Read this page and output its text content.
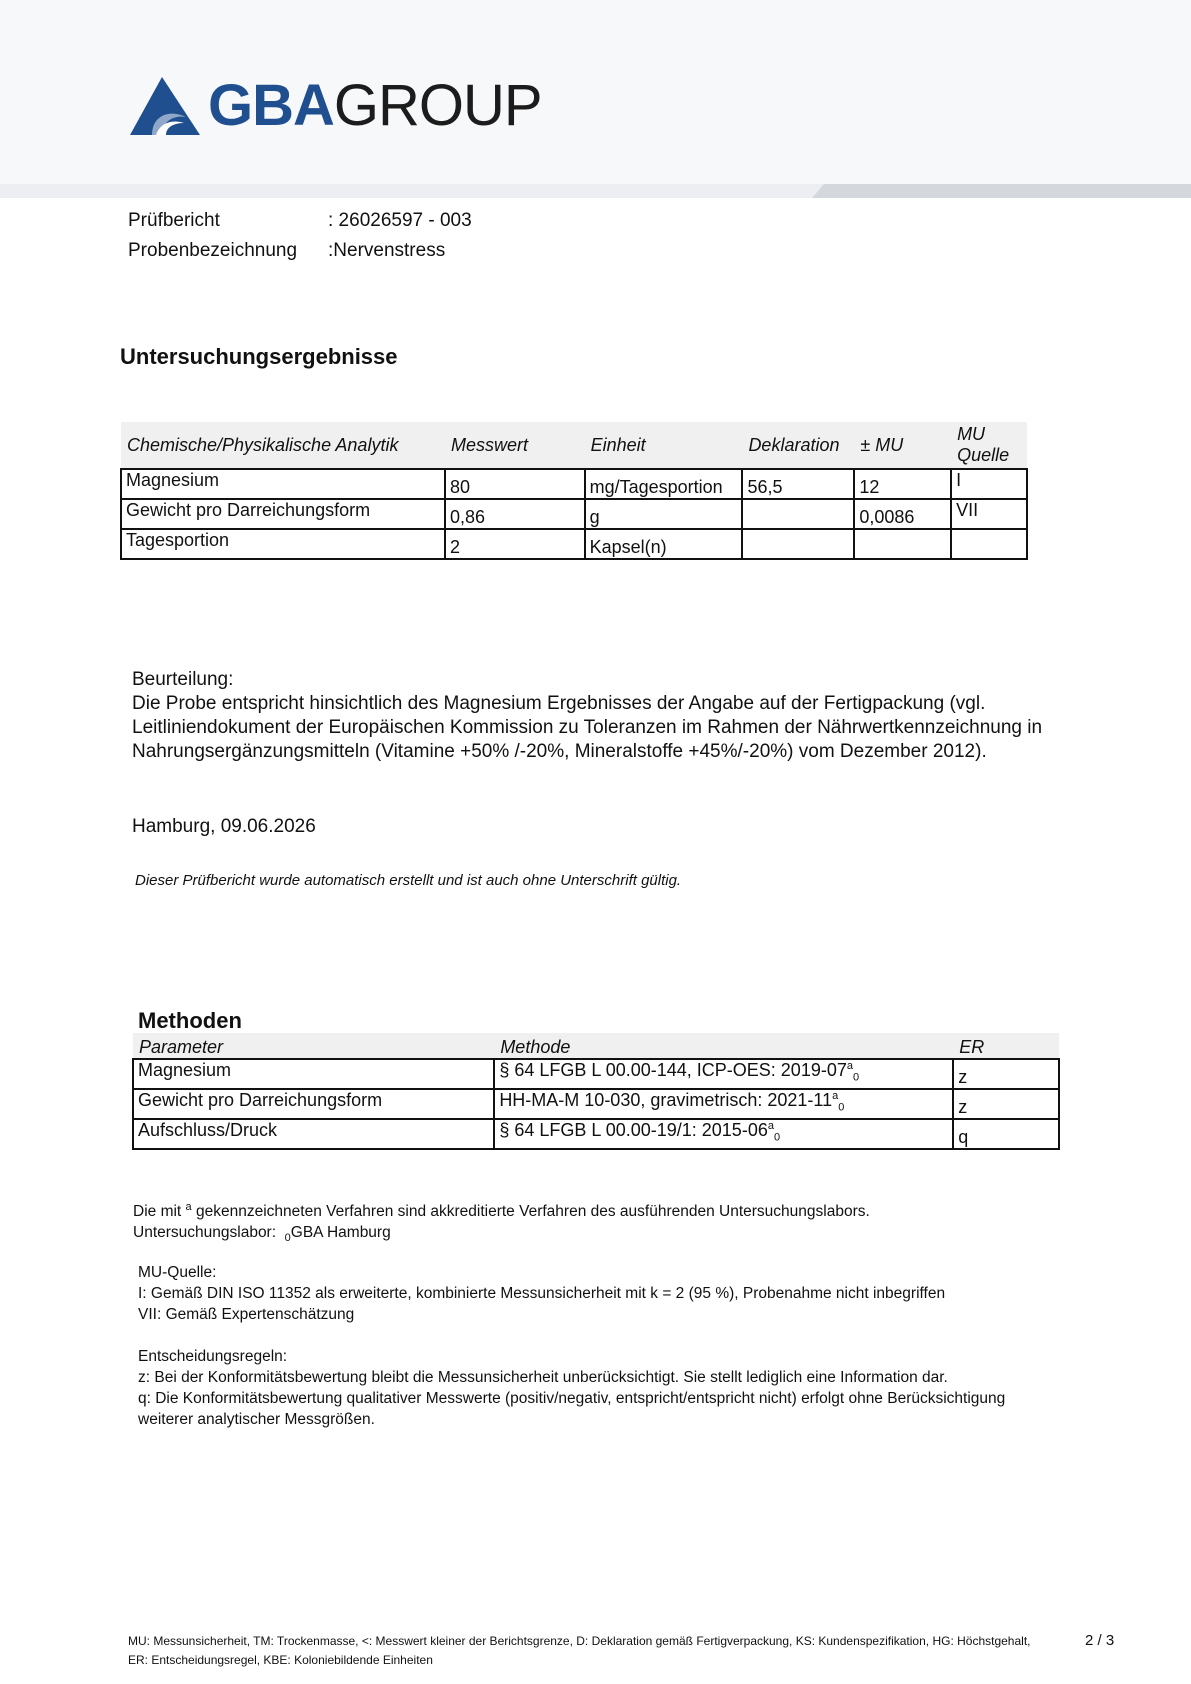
GBAGROUP
Prüfbericht	: 26026597 - 003
Probenbezeichnung :Nervenstress
Untersuchungsergebnisse
Chemische/Physikalische Analytik	Messwert	Einheit	Deklaration	± MU	MU Quelle
Magnesium	80	mg/Tagesportion	56,5	12	I
Gewicht pro Darreichungsform	0,86	g		0,0086	VII
Tagesportion	2	Kapsel(n)			
Beurteilung:
Die Probe entspricht hinsichtlich des Magnesium Ergebnisses der Angabe auf der Fertigpackung (vgl.
Leitliniendokument der Europäischen Kommission zu Toleranzen im Rahmen der Nährwertkennzeichnung in
Nahrungsergänzungsmitteln (Vitamine +50% /-20%, Mineralstoffe +45%/-20%) vom Dezember 2012).
Hamburg, 09.06.2026
Dieser Prüfbericht wurde automatisch erstellt und ist auch ohne Unterschrift gültig.
Methoden
Parameter	Methode	ER
Magnesium	§ 64 LFGB L 00.00-144, ICP-OES: $2019-07^a_0$	z
Gewicht pro Darreichungsform	HH-MA-M 10-030, gravimetrisch: $2021-11^a_0$	z
Aufschluss/Druck	§ 64 LFGB L 00.00-19/1: $2015-06^a_0$	q
Die mit $^a$ gekennzeichneten Verfahren sind akkreditierte Verfahren des ausführenden Untersuchungslabors.
Untersuchungslabor: $_0$GBA Hamburg
MU-Quelle:
I: Gemäß DIN ISO 11352 als erweiterte, kombinierte Messunsicherheit mit k = 2 (95 %), Probenahme nicht inbegriffen
VII: Gemäß Expertenschätzung
Entscheidungsregeln:
z: Bei der Konformitätsbewertung bleibt die Messunsicherheit unberücksichtigt. Sie stellt lediglich eine Information dar.
q: Die Konformitätsbewertung qualitativer Messwerte (positiv/negativ, entspricht/entspricht nicht) erfolgt ohne Berücksichtigung
weiterer analytischer Messgrößen.
MU: Messunsicherheit, TM: Trockenmasse, <: Messwert kleiner der Berichtsgrenze, D: Deklaration gemäß Fertigverpackung, KS: Kundenspezifikation, HG: Höchstgehalt,
ER: Entscheidungsregel, KBE: Koloniebildende Einheiten
2 / 3
